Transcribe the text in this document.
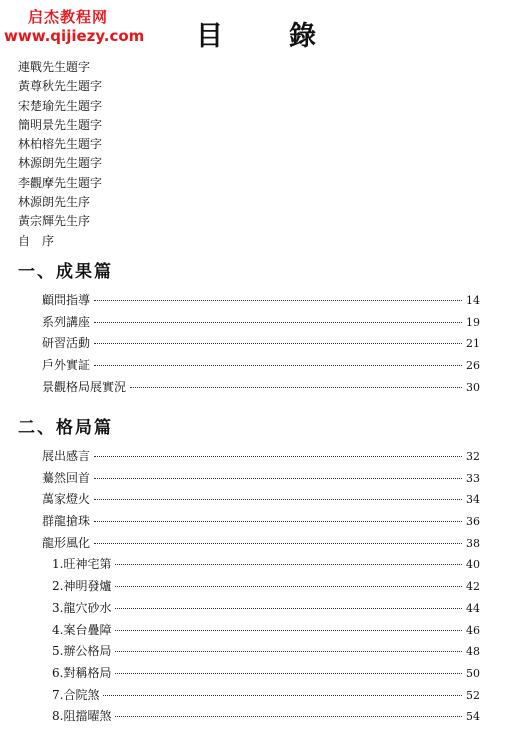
启杰教程网
www.qijiezy.com 目 錄
連戰先生題字
黃尊秋先生題字
宋楚瑜先生題字
簡明景先生題字
林柏榕先生題字
林源朗先生題字
李觀摩先生題字
林源朗先生序
黃宗輝先生序
自　序
一、成果篇
顧問指導	14
系列講座	19
研習活動	21
戶外實証	26
景觀格局展實況	30
二、格局篇
展出感言	32
驀然回首	33
萬家燈火	34
群龍搶珠	36
龍形風化	38
1.旺神宅第	40
2.神明發爐	42
3.龍穴砂水	44
4.案台疊障	46
5.辦公格局	48
6.對稱格局	50
7.合院煞	52
8.阻擋曜煞	54
